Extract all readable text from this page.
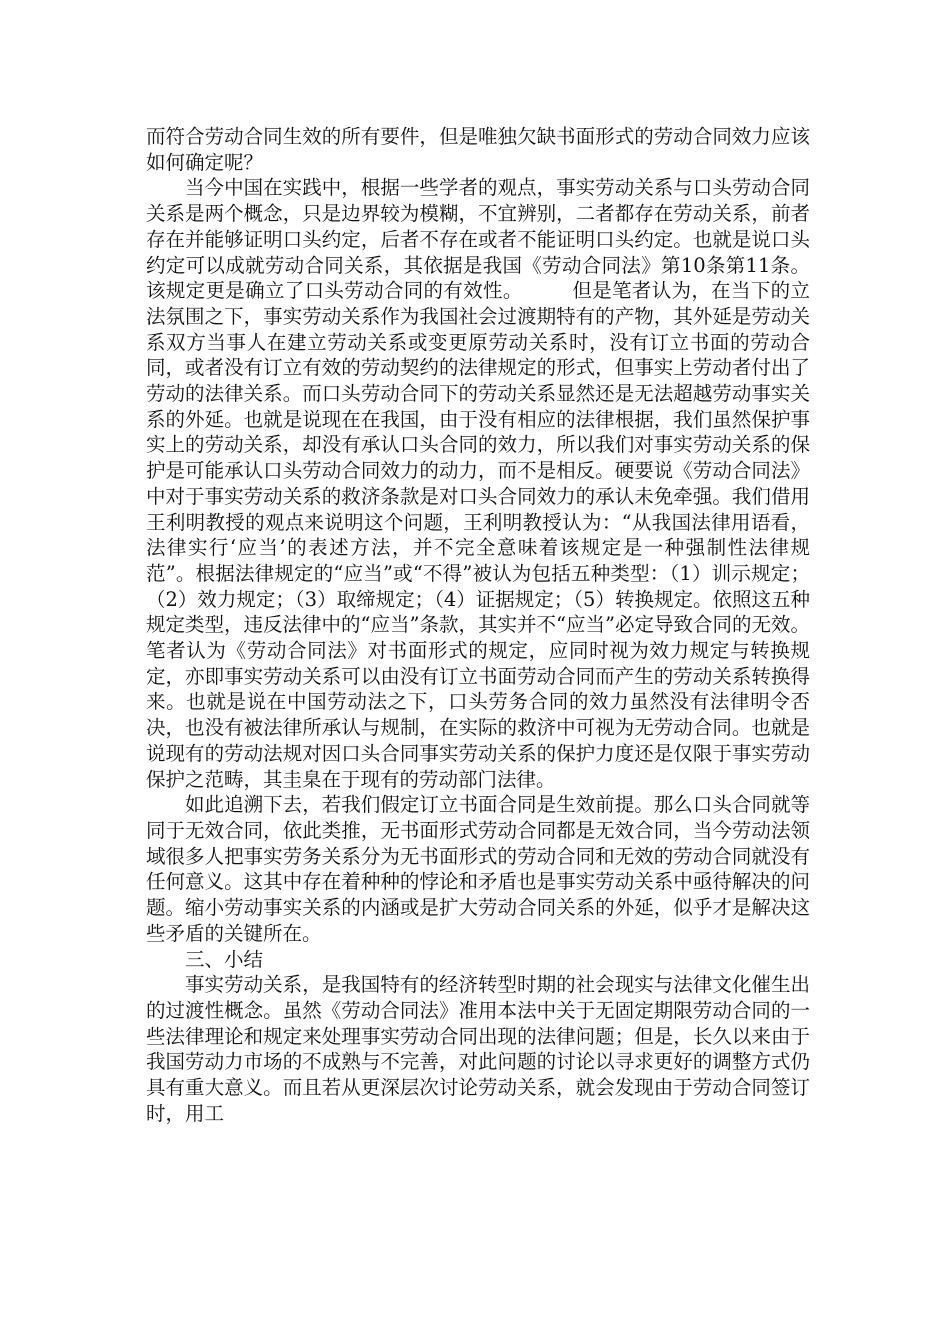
而符合劳动合同生效的所有要件，但是唯独欠缺书面形式的劳动合同效力应该如何确定呢？

当今中国在实践中，根据一些学者的观点，事实劳动关系与口头劳动合同关系是两个概念，只是边界较为模糊，不宜辨别，二者都存在劳动关系，前者存在并能够证明口头约定，后者不存在或者不能证明口头约定。也就是说口头约定可以成就劳动合同关系，其依据是我国《劳动合同法》第10条第11条。该规定更是确立了口头劳动合同的有效性。　　　但是笔者认为，在当下的立法氛围之下，事实劳动关系作为我国社会过渡期特有的产物，其外延是劳动关系双方当事人在建立劳动关系或变更原劳动关系时，没有订立书面的劳动合同，或者没有订立有效的劳动契约的法律规定的形式，但事实上劳动者付出了劳动的法律关系。而口头劳动合同下的劳动关系显然还是无法超越劳动事实关系的外延。也就是说现在在我国，由于没有相应的法律根据，我们虽然保护事实上的劳动关系，却没有承认口头合同的效力，所以我们对事实劳动关系的保护是可能承认口头劳动合同效力的动力，而不是相反。硬要说《劳动合同法》中对于事实劳动关系的救济条款是对口头合同效力的承认未免牵强。我们借用王利明教授的观点来说明这个问题，王利明教授认为：“从我国法律用语看，法律实行‘应当’的表述方法，并不完全意味着该规定是一种强制性法律规范”。根据法律规定的“应当”或“不得”被认为包括五种类型：（1）训示规定；（2）效力规定；（3）取缔规定；（4）证据规定；（5）转换规定。依照这五种规定类型，违反法律中的“应当”条款，其实并不“应当”必定导致合同的无效。笔者认为《劳动合同法》对书面形式的规定，应同时视为效力规定与转换规定，亦即事实劳动关系可以由没有订立书面劳动合同而产生的劳动关系转换得来。也就是说在中国劳动法之下，口头劳务合同的效力虽然没有法律明令否决，也没有被法律所承认与规制，在实际的救济中可视为无劳动合同。也就是说现有的劳动法规对因口头合同事实劳动关系的保护力度还是仅限于事实劳动保护之范畴，其圭臬在于现有的劳动部门法律。

如此追溯下去，若我们假定订立书面合同是生效前提。那么口头合同就等同于无效合同，依此类推，无书面形式劳动合同都是无效合同，当今劳动法领域很多人把事实劳务关系分为无书面形式的劳动合同和无效的劳动合同就没有任何意义。这其中存在着种种的悖论和矛盾也是事实劳动关系中亟待解决的问题。缩小劳动事实关系的内涵或是扩大劳动合同关系的外延，似乎才是解决这些矛盾的关键所在。

三、小结

事实劳动关系，是我国特有的经济转型时期的社会现实与法律文化催生出的过渡性概念。虽然《劳动合同法》准用本法中关于无固定期限劳动合同的一些法律理论和规定来处理事实劳动合同出现的法律问题；但是，长久以来由于我国劳动力市场的不成熟与不完善，对此问题的讨论以寻求更好的调整方式仍具有重大意义。而且若从更深层次讨论劳动关系，就会发现由于劳动合同签订时，用工
